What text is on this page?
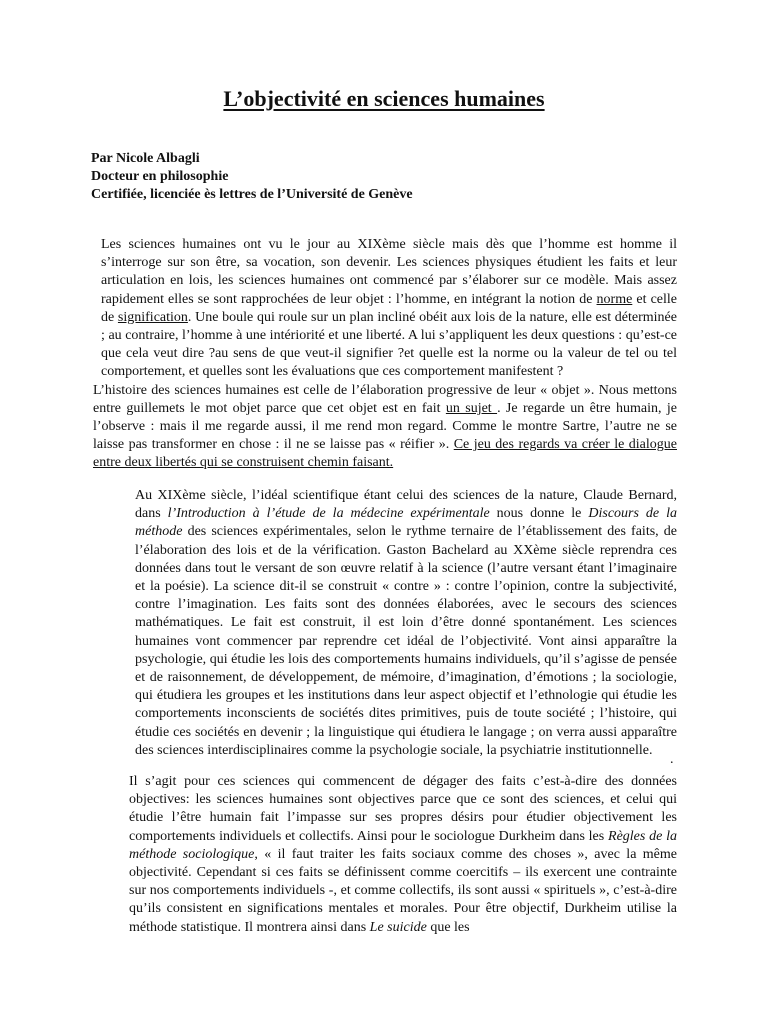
L’objectivité en sciences humaines
Par Nicole Albagli
Docteur en philosophie
Certifiée, licenciée ès lettres de l’Université de Genève

Les sciences humaines ont vu le jour au XIXème siècle mais dès que l’homme est homme il s’interroge sur son être, sa vocation, son devenir. Les sciences physiques étudient les faits et leur articulation en lois, les sciences humaines ont commencé par s’élaborer sur ce modèle. Mais assez rapidement elles se sont rapprochées de leur objet : l’homme, en intégrant la notion de norme et celle de signification. Une boule qui roule sur un plan incliné obéit aux lois de la nature, elle est déterminée ; au contraire, l’homme à une intériorité et une liberté. A lui s’appliquent les deux questions : qu’est-ce que cela veut dire ?au sens de que veut-il signifier ?et quelle est la norme ou la valeur de tel ou tel comportement, et quelles sont les évaluations que ces comportement manifestent ?

L’histoire des sciences humaines est celle de l’élaboration progressive de leur « objet ». Nous mettons entre guillemets le mot objet parce que cet objet est en fait un sujet . Je regarde un être humain, je l’observe : mais il me regarde aussi, il me rend mon regard. Comme le montre Sartre, l’autre ne se laisse pas transformer en chose : il ne se laisse pas « réifier ». Ce jeu des regards va créer le dialogue entre deux libertés qui se construisent chemin faisant.

Au XIXème siècle, l’idéal scientifique étant celui des sciences de la nature, Claude Bernard, dans l’Introduction à l’étude de la médecine expérimentale nous donne le Discours de la méthode des sciences expérimentales, selon le rythme ternaire de l’établissement des faits, de l’élaboration des lois et de la vérification. Gaston Bachelard au XXème siècle reprendra ces données dans tout le versant de son œuvre relatif à la science (l’autre versant étant l’imaginaire et la poésie). La science dit-il se construit « contre » : contre l’opinion, contre la subjectivité, contre l’imagination. Les faits sont des données élaborées, avec le secours des sciences mathématiques. Le fait est construit, il est loin d’être donné spontanément. Les sciences humaines vont commencer par reprendre cet idéal de l’objectivité. Vont ainsi apparaître la psychologie, qui étudie les lois des comportements humains individuels, qu’il s’agisse de pensée et de raisonnement, de développement, de mémoire, d’imagination, d’émotions ; la sociologie, qui étudiera les groupes et les institutions dans leur aspect objectif et l’ethnologie qui étudie les comportements inconscients de sociétés dites primitives, puis de toute société ; l’histoire, qui étudie ces sociétés en devenir ; la linguistique qui étudiera le langage ; on verra aussi apparaître des sciences interdisciplinaires comme la psychologie sociale, la psychiatrie institutionnelle.

.

Il s’agit pour ces sciences qui commencent de dégager des faits c’est-à-dire des données objectives: les sciences humaines sont objectives parce que ce sont des sciences, et celui qui étudie l’être humain fait l’impasse sur ses propres désirs pour étudier objectivement les comportements individuels et collectifs. Ainsi pour le sociologue Durkheim dans les Règles de la méthode sociologique, « il faut traiter les faits sociaux comme des choses », avec la même objectivité. Cependant si ces faits se définissent comme coercitifs – ils exercent une contrainte sur nos comportements individuels -, et comme collectifs, ils sont aussi « spirituels », c’est-à-dire qu’ils consistent en significations mentales et morales. Pour être objectif, Durkheim utilise la méthode statistique. Il montrera ainsi dans Le suicide que les
